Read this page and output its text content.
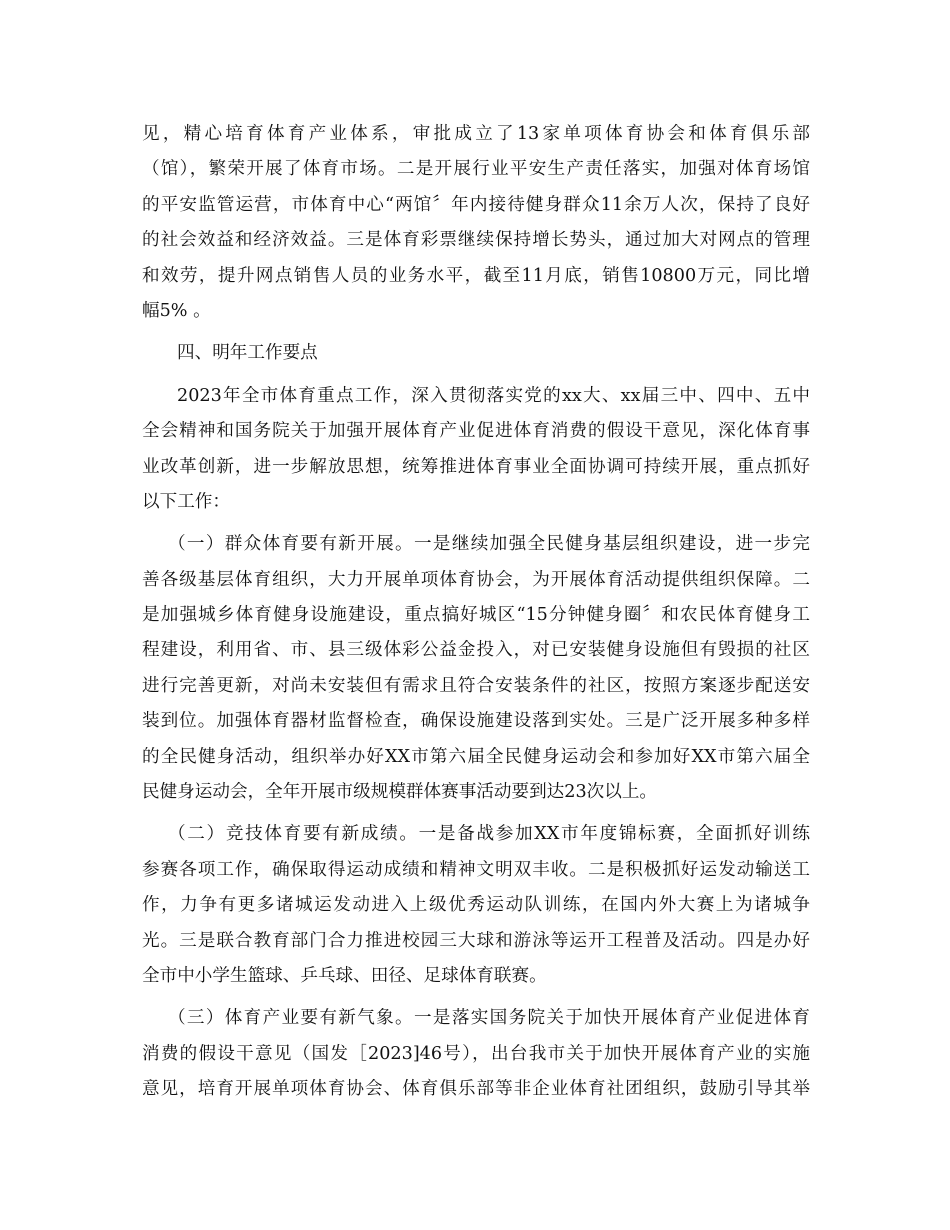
见，精心培育体育产业体系，审批成立了13家单项体育协会和体育俱乐部
（馆），繁荣开展了体育市场。二是开展行业平安生产责任落实，加强对体育场馆
的平安监管运营，市体育中心“两馆〞年内接待健身群众11余万人次，保持了良好
的社会效益和经济效益。三是体育彩票继续保持增长势头，通过加大对网点的管理
和效劳，提升网点销售人员的业务水平，截至11月底，销售10800万元，同比增
幅5% 。
四、明年工作要点
2023年全市体育重点工作，深入贯彻落实党的xx大、xx届三中、四中、五中
全会精神和国务院关于加强开展体育产业促进体育消费的假设干意见，深化体育事
业改革创新，进一步解放思想，统筹推进体育事业全面协调可持续开展，重点抓好
以下工作：
（一）群众体育要有新开展。一是继续加强全民健身基层组织建设，进一步完
善各级基层体育组织，大力开展单项体育协会，为开展体育活动提供组织保障。二
是加强城乡体育健身设施建设，重点搞好城区“15分钟健身圈〞和农民体育健身工
程建设，利用省、市、县三级体彩公益金投入，对已安装健身设施但有毁损的社区
进行完善更新，对尚未安装但有需求且符合安装条件的社区，按照方案逐步配送安
装到位。加强体育器材监督检查，确保设施建设落到实处。三是广泛开展多种多样
的全民健身活动，组织举办好XX市第六届全民健身运动会和参加好XX市第六届全
民健身运动会，全年开展市级规模群体赛事活动要到达23次以上。
（二）竞技体育要有新成绩。一是备战参加XX市年度锦标赛，全面抓好训练
参赛各项工作，确保取得运动成绩和精神文明双丰收。二是积极抓好运发动输送工
作，力争有更多诸城运发动进入上级优秀运动队训练，在国内外大赛上为诸城争
光。三是联合教育部门合力推进校园三大球和游泳等运开工程普及活动。四是办好
全市中小学生篮球、乒乓球、田径、足球体育联赛。
（三）体育产业要有新气象。一是落实国务院关于加快开展体育产业促进体育
消费的假设干意见（国发［2023]46号），出台我市关于加快开展体育产业的实施
意见，培育开展单项体育协会、体育俱乐部等非企业体育社团组织，鼓励引导其举
